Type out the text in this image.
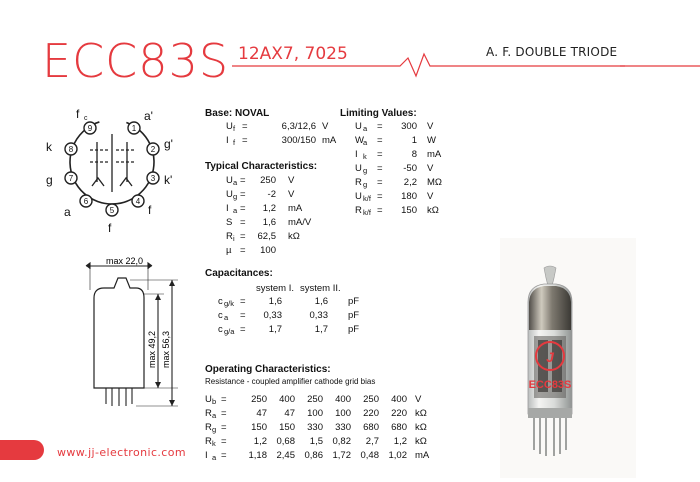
ECC83S 12AX7, 7025	A. F. DOUBLE TRIODE
1
2
3
4
5
6
7
8
9
f c	a'
g'
k'
f
f
a
g
k
max 22,0
max 49,2 max 56,3
Base: NOVAL
Typical Characteristics:
Limiting Values:
Capacitances:
system I. system II.
Operating Characteristics:
Resistance - coupled amplifier cathode grid bias
U f =	6,3/12,6 V
I f =	300/150 mA
U a =	250 V
U g =	-2 V
I a =	1,2 mA
S =	1,6 mA/V
R i =	62,5 kΩ
µ =	100
U a =	300 V
W a =	1 W
I k =	8 mA
U g =	-50 V
R g =	2,2 MΩ
U k/f =	180 V
R k/f =	150 kΩ
c g/k =	1,6	1,6 pF
c a =	0,33	0,33 pF
c g/a =	1,7	1,7 pF
U b =	250	400	250	400	250	400 V
R a =	47	47	100	100	220	220 kΩ
R g =	150	150	330	330	680	680 kΩ
R k =	1,2	0,68	1,5	0,82	2,7	1,2 kΩ
I a =	1,18	2,45	0,86	1,72	0,48	1,02 mA
J
ECC83S
www.jj-electronic.com
